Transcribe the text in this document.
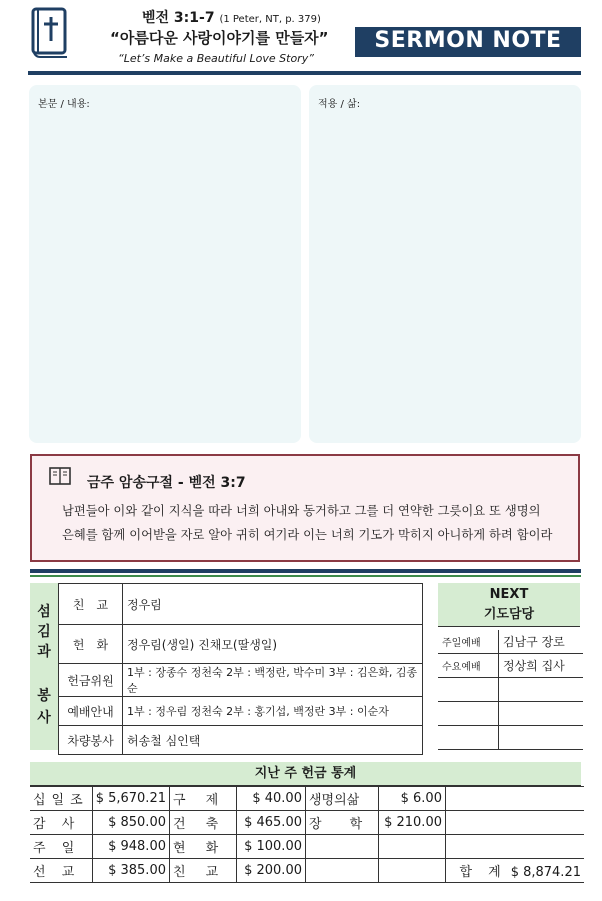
벧전 3:1-7 (1 Peter, NT, p. 379)
“아름다운 사랑이야기를 만들자”
“Let’s Make a Beautiful Love Story”
SERMON NOTE
본문 / 내용:	적용 / 삶:
금주 암송구절 - 벧전 3:7
남편들아 이와 같이 지식을 따라 너희 아내와 동거하고 그를 더 연약한 그릇이요 또 생명의
은혜를 함께 이어받을 자로 알아 귀히 여기라 이는 너희 기도가 막히지 아니하게 하려 함이라
섬
김
과
봉
사
친　교	정우림
헌　화	정우림(생일) 진채모(딸생일)
헌금위원	1부 : 장종수 정천숙 2부 : 백정란, 박수미 3부 : 김은화, 김종순
예배안내	1부 : 정우림 정천숙 2부 : 홍기섭, 백정란 3부 : 이순자
차량봉사	허송철 심인택
NEXT
기도담당
주일예배	김남구 장로
수요예배	정상희 집사

지난 주 헌금 통계
십일조	$ 5,670.21	구 제	$ 40.00	생명의삶	$ 6.00	
감 사	$ 850.00	건 축	$ 465.00	장 학	$ 210.00	
주 일	$ 948.00	현 화	$ 100.00			
선 교	$ 385.00	친 교	$ 200.00			합 계 $ 8,874.21
